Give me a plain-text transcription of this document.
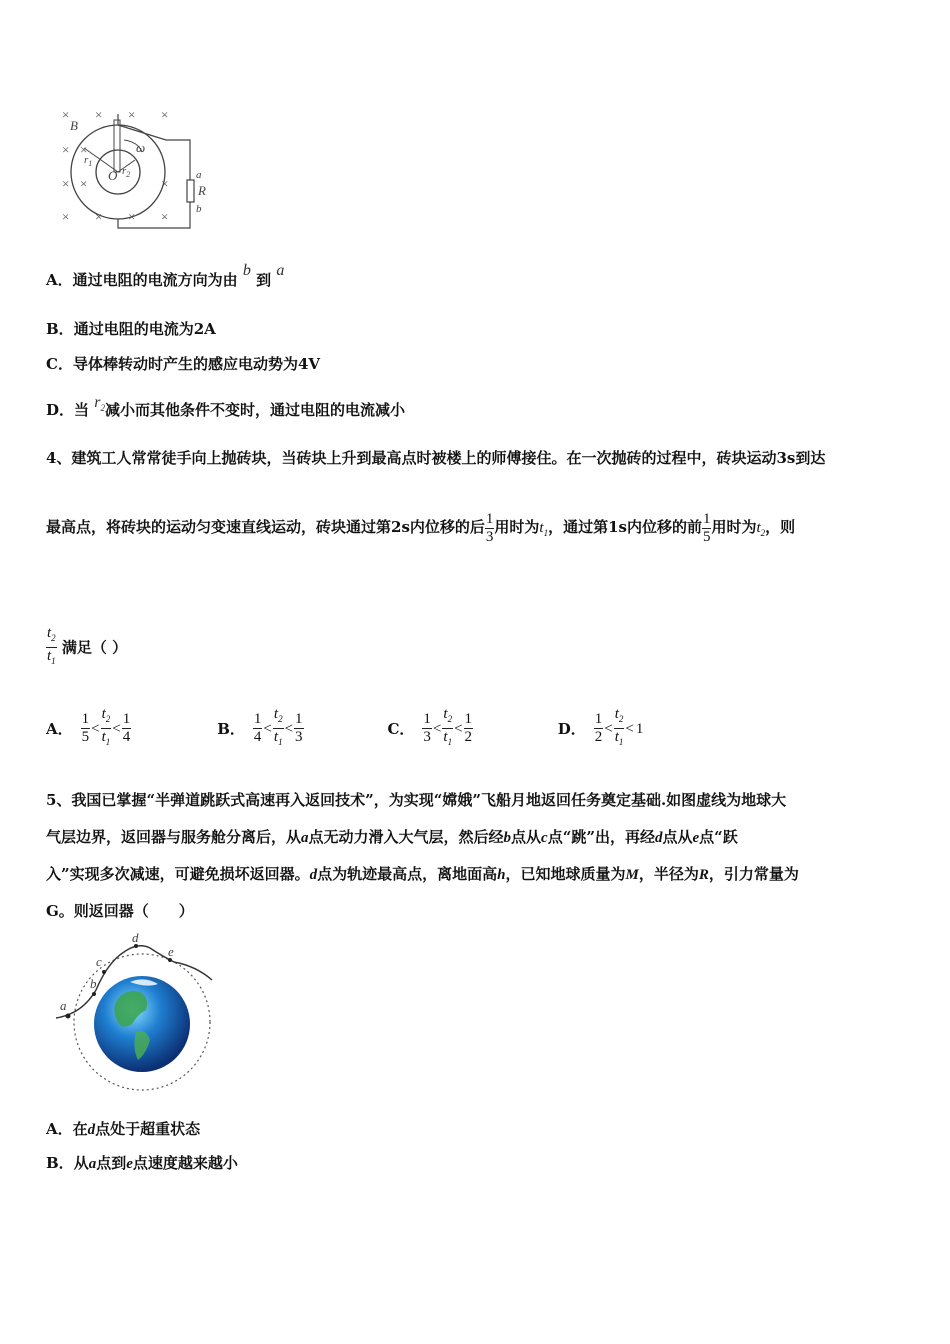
× × × ×
× ×
× ×	×
× × × ×
B
$r_1$
$r_2$
O
ω
a
R
b
A．通过电阻的电流方向为由 b 到 a
B．通过电阻的电流为2A
C．导体棒转动时产生的感应电动势为4V
D．当 $r_2$减小而其他条件不变时，通过电阻的电流减小
4、建筑工人常常徒手向上抛砖块，当砖块上升到最高点时被楼上的师傅接住。在一次抛砖的过程中，砖块运动3s到达
最高点，将砖块的运动匀变速直线运动，砖块通过第2s内位移的后 $\frac{1}{3}$ 用时为$t_1$，通过第1s内位移的前 $\frac{1}{5}$ 用时为$t_2$，则
$\frac{t_2}{t_1}$ 满足（ ）
A． $\frac{1}{5} < \frac{t_2}{t_1} < \frac{1}{4}$	B． $\frac{1}{4} < \frac{t_2}{t_1} < \frac{1}{3}$	C． $\frac{1}{3} < \frac{t_2}{t_1} < \frac{1}{2}$	D． $\frac{1}{2} < \frac{t_2}{t_1} < 1$
5、我国已掌握“半弹道跳跃式高速再入返回技术”，为实现“嫦娥”飞船月地返回任务奠定基础.如图虚线为地球大
气层边界，返回器与服务舱分离后，从a点无动力滑入大气层，然后经b点从c点“跳”出，再经d点从e点“跃
入”实现多次减速，可避免损坏返回器。d点为轨迹最高点，离地面高h，已知地球质量为M，半径为R，引力常量为
G。则返回器（　　）
a
b
c
d
e
A．在d点处于超重状态
B．从a点到e点速度越来越小
